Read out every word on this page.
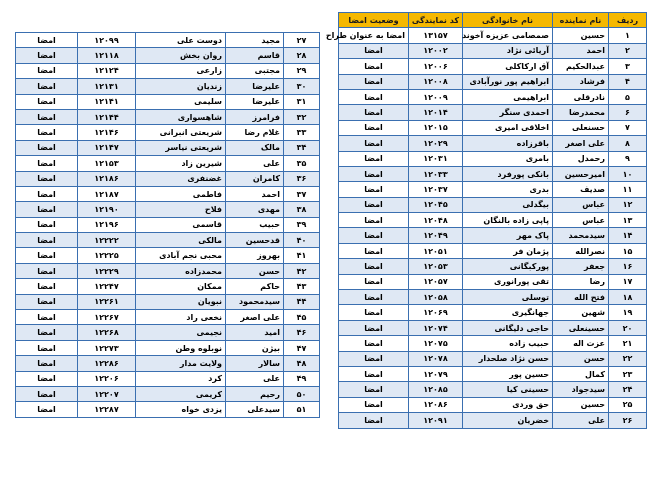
ردیف	نام نماینده	نام خانوادگی	کد نمایندگی	وضعیت امضا
۱	حسین	صمصامی عزیزه آخوند	۱۳۱۵۷	امضا به عنوان طراح
۲	احمد	آریائی نژاد	۱۲۰۰۲	امضا
۳	عبدالحکیم	آق ارکاکلی	۱۲۰۰۶	امضا
۴	فرشاد	ابراهیم پور نورآبادی	۱۲۰۰۸	امضا
۵	نادرقلی	ابراهیمی	۱۲۰۰۹	امضا
۶	محمدرضا	احمدی سنگر	۱۲۰۱۴	امضا
۷	حسنعلی	اخلاقی امیری	۱۲۰۱۵	امضا
۸	علی اصغر	باقرزاده	۱۲۰۲۹	امضا
۹	رحمدل	بامری	۱۲۰۳۱	امضا
۱۰	امیرحسین	بانکی پورفرد	۱۲۰۳۳	امضا
۱۱	صدیف	بدری	۱۲۰۳۷	امضا
۱۲	عباس	بیگدلی	۱۲۰۴۵	امضا
۱۳	عباس	پاپی زاده بالنگان	۱۲۰۴۸	امضا
۱۴	سیدمحمد	پاک مهر	۱۲۰۴۹	امضا
۱۵	نصرالله	پژمان فر	۱۲۰۵۱	امضا
۱۶	جعفر	پورکبگانی	۱۲۰۵۳	امضا
۱۷	رضا	تقی پورانوری	۱۲۰۵۷	امضا
۱۸	فتح الله	توسلی	۱۲۰۵۸	امضا
۱۹	شهین	جهانگیری	۱۲۰۶۹	امضا
۲۰	حسینعلی	حاجی دلیگانی	۱۲۰۷۴	امضا
۲۱	عزت اله	حبیب زاده	۱۲۰۷۵	امضا
۲۲	حسن	حسن نژاد صلحدار	۱۲۰۷۸	امضا
۲۳	کمال	حسین پور	۱۲۰۷۹	امضا
۲۴	سیدجواد	حسینی کیا	۱۲۰۸۵	امضا
۲۵	حسین	حق وردی	۱۲۰۸۶	امضا
۲۶	علی	خضریان	۱۲۰۹۱	امضا
۲۷	مجید	دوست علی	۱۲۰۹۹	امضا
۲۸	قاسم	روان بخش	۱۲۱۱۸	امضا
۲۹	مجتبی	زارعی	۱۲۱۲۴	امضا
۳۰	علیرضا	زندیان	۱۲۱۳۱	امضا
۳۱	علیرضا	سلیمی	۱۲۱۴۱	امضا
۳۲	فرامرز	شاهسواری	۱۲۱۴۴	امضا
۳۳	غلام رضا	شریعتی انبرانی	۱۲۱۴۶	امضا
۳۴	مالک	شریعتی نیاسر	۱۲۱۴۷	امضا
۳۵	علی	شیرین زاد	۱۲۱۵۳	امضا
۳۶	کامران	غضنفری	۱۲۱۸۶	امضا
۳۷	احمد	فاطمی	۱۲۱۸۷	امضا
۳۸	مهدی	فلاح	۱۲۱۹۰	امضا
۳۹	حبیب	قاسمی	۱۲۱۹۶	امضا
۴۰	قدحسین	مالکی	۱۲۲۲۲	امضا
۴۱	بهروز	محبی نجم آبادی	۱۲۲۲۵	امضا
۴۲	حسن	محمدزاده	۱۲۲۲۹	امضا
۴۳	حاکم	ممکان	۱۲۲۴۷	امضا
۴۴	سیدمحمود	نبویان	۱۲۲۶۱	امضا
۴۵	علی اصغر	نخعی راد	۱۲۲۶۷	امضا
۴۶	امید	نجیمی	۱۲۲۶۸	امضا
۴۷	بیژن	نوبلوه وطن	۱۲۲۷۳	امضا
۴۸	سالار	ولایت مدار	۱۲۲۸۶	امضا
۴۹	علی	کرد	۱۲۲۰۶	امضا
۵۰	رحیم	کریمی	۱۲۲۰۷	امضا
۵۱	سیدعلی	یزدی خواه	۱۲۲۸۷	امضا
